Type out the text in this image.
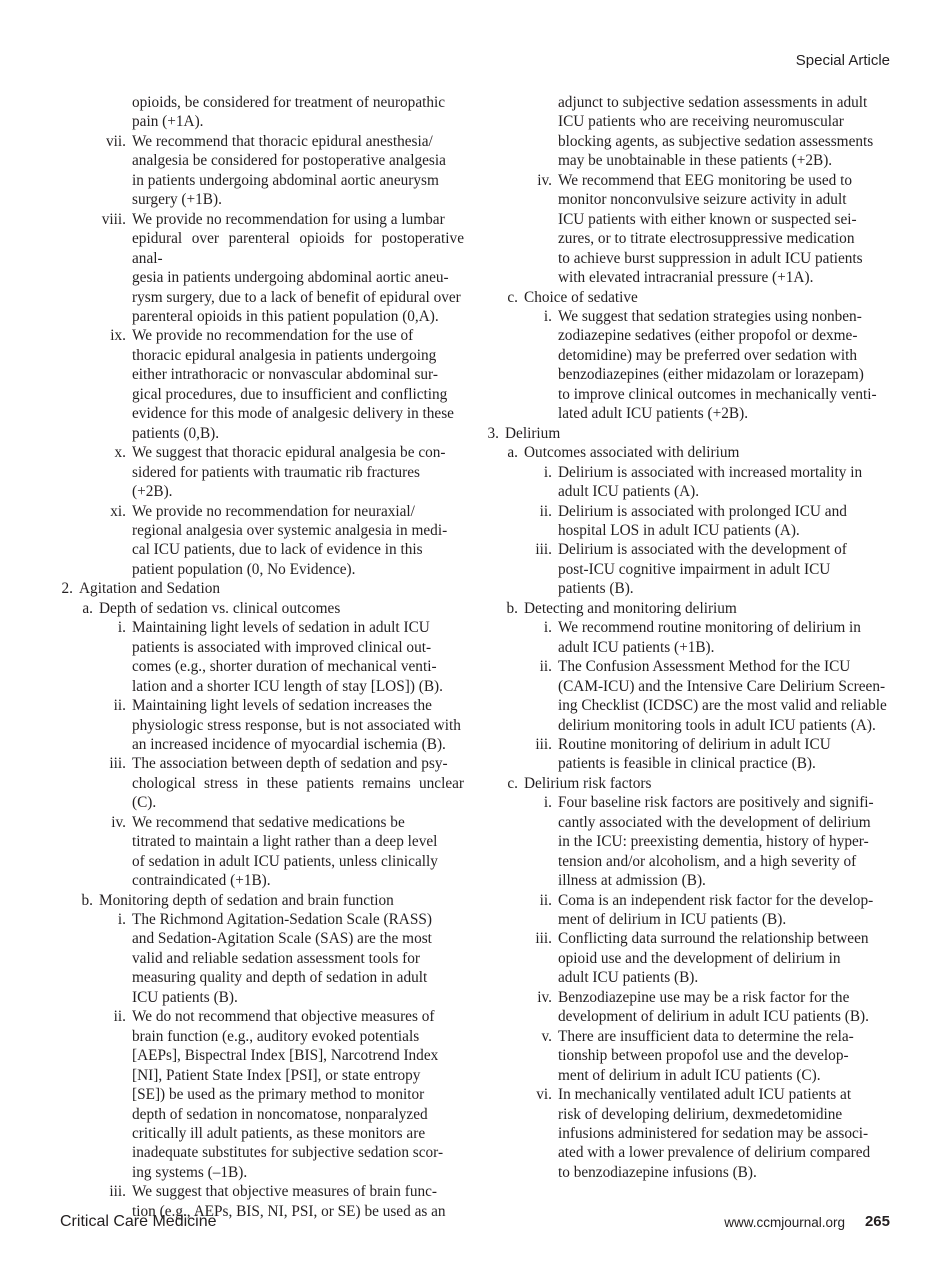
Special Article
opioids, be considered for treatment of neuropathic
pain (+1A).
vii. We recommend that thoracic epidural anesthesia/
analgesia be considered for postoperative analgesia
in patients undergoing abdominal aortic aneurysm
surgery (+1B).
viii. We provide no recommendation for using a lumbar
epidural over parenteral opioids for postoperative anal-
gesia in patients undergoing abdominal aortic aneu-
rysm surgery, due to a lack of benefit of epidural over
parenteral opioids in this patient population (0,A).
ix. We provide no recommendation for the use of
thoracic epidural analgesia in patients undergoing
either intrathoracic or nonvascular abdominal sur-
gical procedures, due to insufficient and conflicting
evidence for this mode of analgesic delivery in these
patients (0,B).
x. We suggest that thoracic epidural analgesia be con-
sidered for patients with traumatic rib fractures
(+2B).
xi. We provide no recommendation for neuraxial/
regional analgesia over systemic analgesia in medi-
cal ICU patients, due to lack of evidence in this
patient population (0, No Evidence).
2. Agitation and Sedation
a. Depth of sedation vs. clinical outcomes
i. Maintaining light levels of sedation in adult ICU
patients is associated with improved clinical out-
comes (e.g., shorter duration of mechanical venti-
lation and a shorter ICU length of stay [LOS]) (B).
ii. Maintaining light levels of sedation increases the
physiologic stress response, but is not associated with
an increased incidence of myocardial ischemia (B).
iii. The association between depth of sedation and psy-
chological stress in these patients remains unclear (C).
iv. We recommend that sedative medications be
titrated to maintain a light rather than a deep level
of sedation in adult ICU patients, unless clinically
contraindicated (+1B).
b. Monitoring depth of sedation and brain function
i. The Richmond Agitation-Sedation Scale (RASS)
and Sedation-Agitation Scale (SAS) are the most
valid and reliable sedation assessment tools for
measuring quality and depth of sedation in adult
ICU patients (B).
ii. We do not recommend that objective measures of
brain function (e.g., auditory evoked potentials
[AEPs], Bispectral Index [BIS], Narcotrend Index
[NI], Patient State Index [PSI], or state entropy
[SE]) be used as the primary method to monitor
depth of sedation in noncomatose, nonparalyzed
critically ill adult patients, as these monitors are
inadequate substitutes for subjective sedation scor-
ing systems (–1B).
iii. We suggest that objective measures of brain func-
tion (e.g., AEPs, BIS, NI, PSI, or SE) be used as an
adjunct to subjective sedation assessments in adult
ICU patients who are receiving neuromuscular
blocking agents, as subjective sedation assessments
may be unobtainable in these patients (+2B).
iv. We recommend that EEG monitoring be used to
monitor nonconvulsive seizure activity in adult
ICU patients with either known or suspected sei-
zures, or to titrate electrosuppressive medication
to achieve burst suppression in adult ICU patients
with elevated intracranial pressure (+1A).
c. Choice of sedative
i. We suggest that sedation strategies using nonben-
zodiazepine sedatives (either propofol or dexme-
detomidine) may be preferred over sedation with
benzodiazepines (either midazolam or lorazepam)
to improve clinical outcomes in mechanically venti-
lated adult ICU patients (+2B).
3. Delirium
a. Outcomes associated with delirium
i. Delirium is associated with increased mortality in
adult ICU patients (A).
ii. Delirium is associated with prolonged ICU and
hospital LOS in adult ICU patients (A).
iii. Delirium is associated with the development of
post-ICU cognitive impairment in adult ICU
patients (B).
b. Detecting and monitoring delirium
i. We recommend routine monitoring of delirium in
adult ICU patients (+1B).
ii. The Confusion Assessment Method for the ICU
(CAM-ICU) and the Intensive Care Delirium Screen-
ing Checklist (ICDSC) are the most valid and reliable
delirium monitoring tools in adult ICU patients (A).
iii. Routine monitoring of delirium in adult ICU
patients is feasible in clinical practice (B).
c. Delirium risk factors
i. Four baseline risk factors are positively and signifi-
cantly associated with the development of delirium
in the ICU: preexisting dementia, history of hyper-
tension and/or alcoholism, and a high severity of
illness at admission (B).
ii. Coma is an independent risk factor for the develop-
ment of delirium in ICU patients (B).
iii. Conflicting data surround the relationship between
opioid use and the development of delirium in
adult ICU patients (B).
iv. Benzodiazepine use may be a risk factor for the
development of delirium in adult ICU patients (B).
v. There are insufficient data to determine the rela-
tionship between propofol use and the develop-
ment of delirium in adult ICU patients (C).
vi. In mechanically ventilated adult ICU patients at
risk of developing delirium, dexmedetomidine
infusions administered for sedation may be associ-
ated with a lower prevalence of delirium compared
to benzodiazepine infusions (B).
Critical Care Medicine	www.ccmjournal.org 265
